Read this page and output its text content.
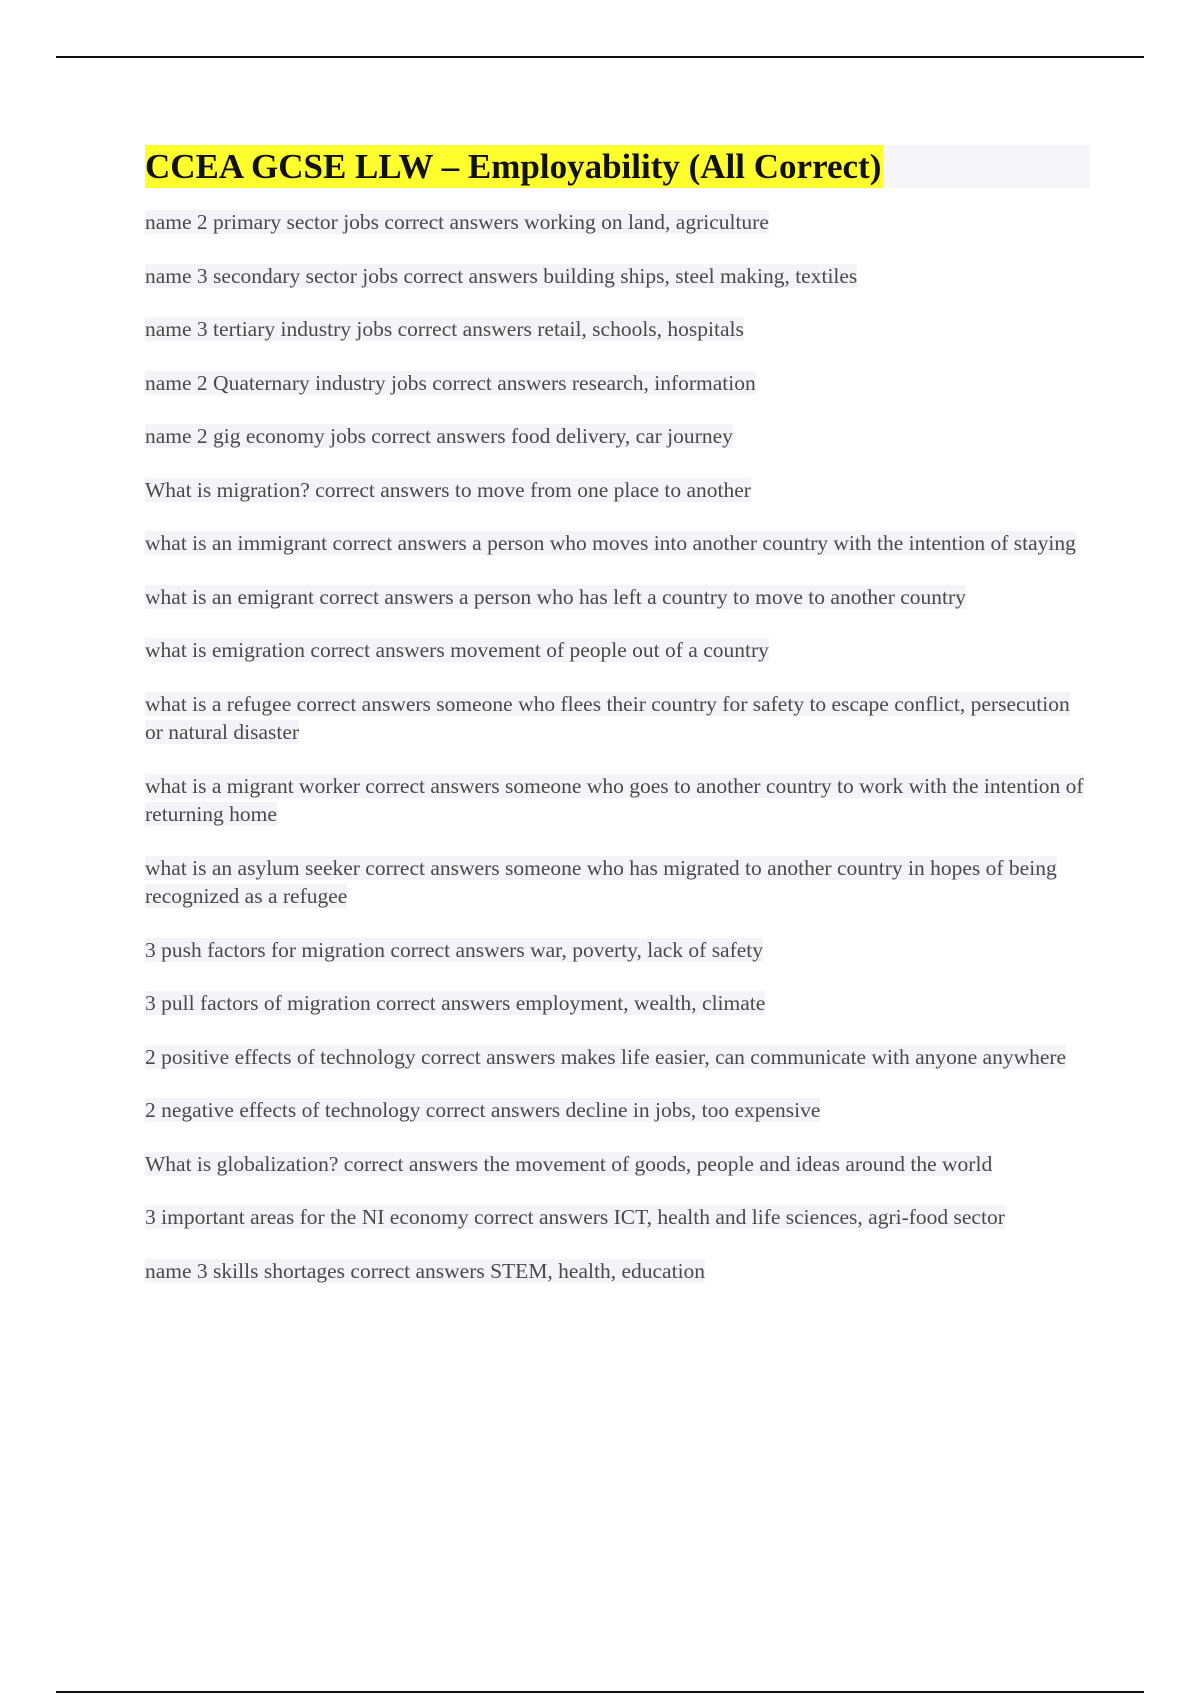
CCEA GCSE LLW – Employability (All Correct)

name 2 primary sector jobs correct answers working on land, agriculture

name 3 secondary sector jobs correct answers building ships, steel making, textiles

name 3 tertiary industry jobs correct answers retail, schools, hospitals

name 2 Quaternary industry jobs correct answers research, information

name 2 gig economy jobs correct answers food delivery, car journey

What is migration? correct answers to move from one place to another

what is an immigrant correct answers a person who moves into another country with the intention of staying

what is an emigrant correct answers a person who has left a country to move to another country

what is emigration correct answers movement of people out of a country

what is a refugee correct answers someone who flees their country for safety to escape conflict, persecution or natural disaster

what is a migrant worker correct answers someone who goes to another country to work with the intention of returning home

what is an asylum seeker correct answers someone who has migrated to another country in hopes of being recognized as a refugee

3 push factors for migration correct answers war, poverty, lack of safety

3 pull factors of migration correct answers employment, wealth, climate

2 positive effects of technology correct answers makes life easier, can communicate with anyone anywhere

2 negative effects of technology correct answers decline in jobs, too expensive

What is globalization? correct answers the movement of goods, people and ideas around the world

3 important areas for the NI economy correct answers ICT, health and life sciences, agri-food sector

name 3 skills shortages correct answers STEM, health, education
